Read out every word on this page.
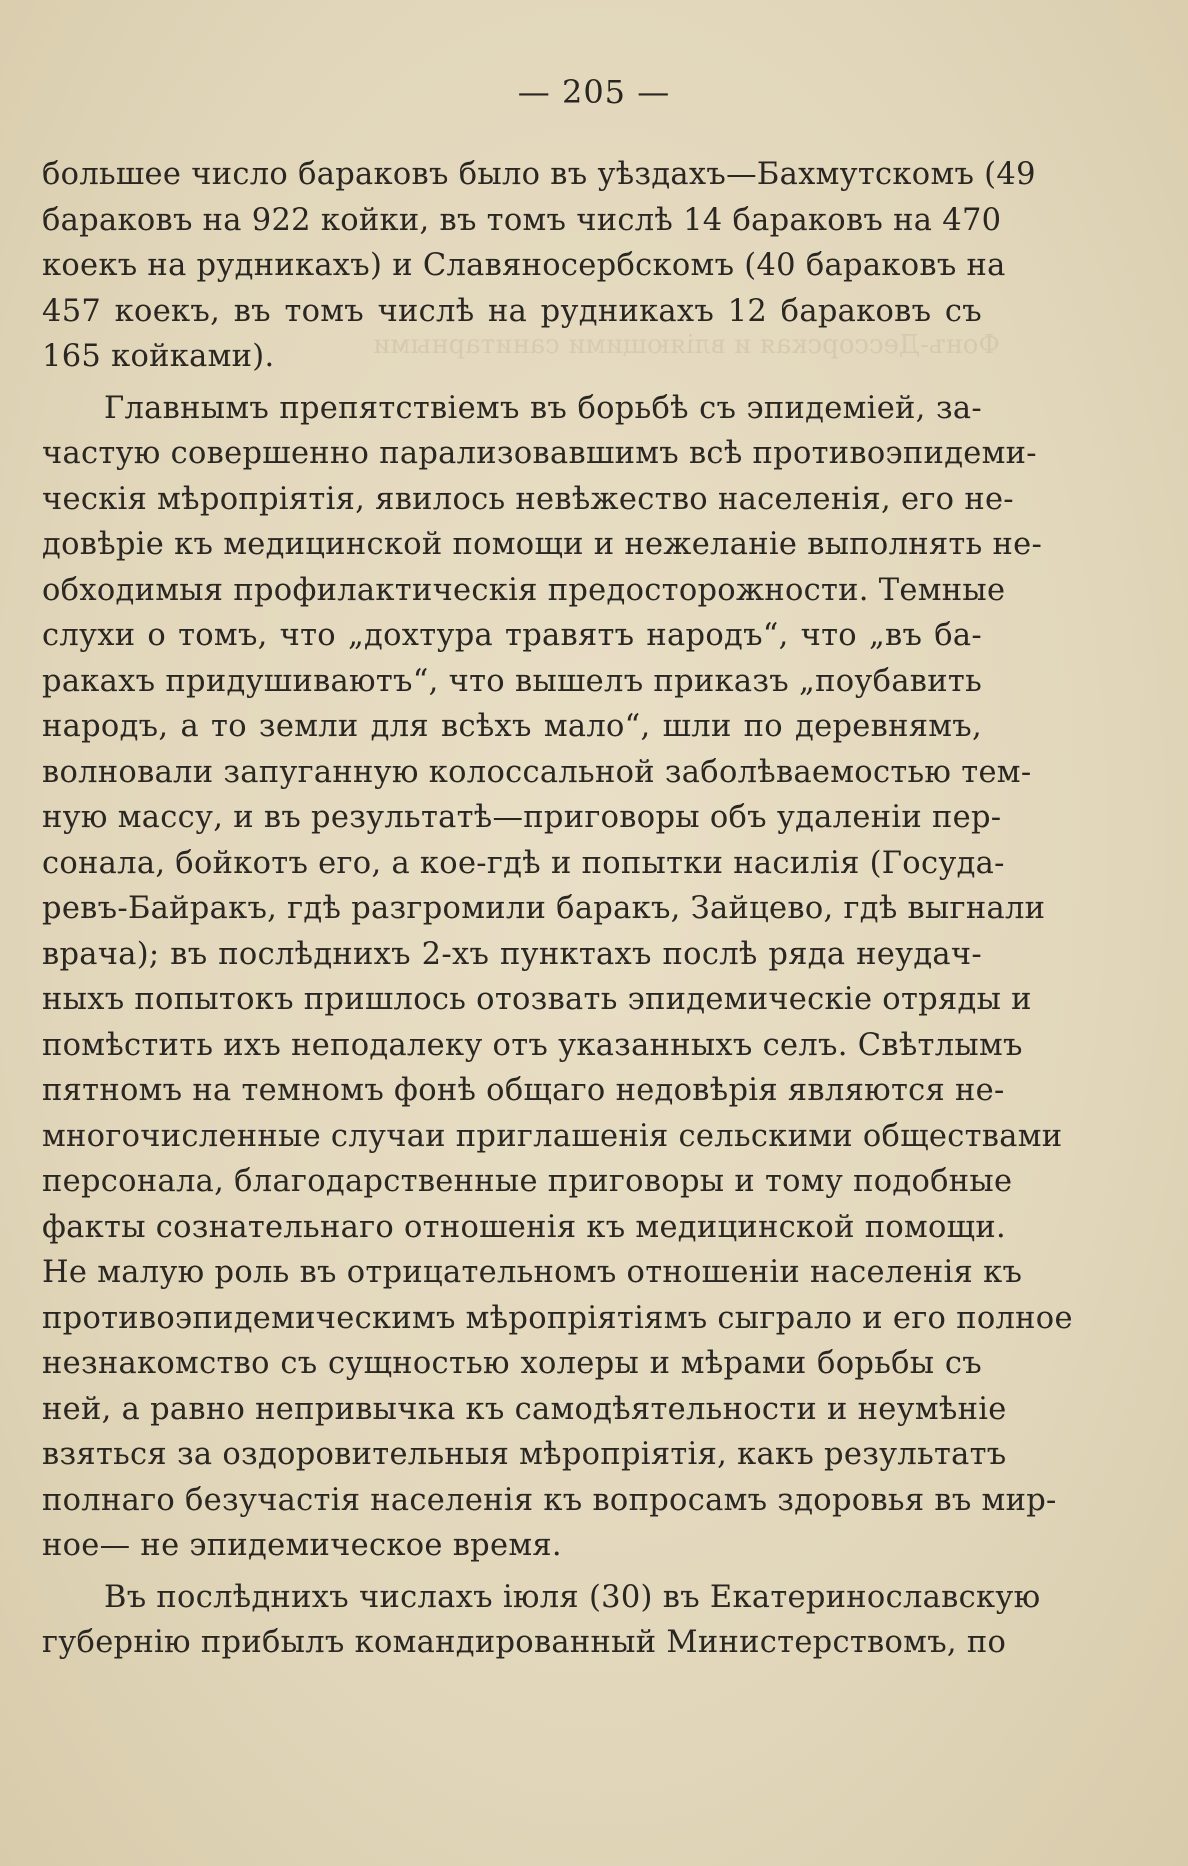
Фонъ-Дессорская и вліяющими санитарными
— 205 —
большее число бараковъ было въ уѣздахъ—Бахмутскомъ (49
бараковъ на 922 койки, въ томъ числѣ 14 бараковъ на 470
коекъ на рудникахъ) и Славяносербскомъ (40 бараковъ на
457 коекъ, въ томъ числѣ на рудникахъ 12 бараковъ съ
165 койками).
Главнымъ препятствіемъ въ борьбѣ съ эпидеміей, за-
частую совершенно парализовавшимъ всѣ противоэпидеми-
ческія мѣропріятія, явилось невѣжество населенія, его не-
довѣріе къ медицинской помощи и нежеланіе выполнять не-
обходимыя профилактическія предосторожности. Темные
слухи о томъ, что „дохтура травятъ народъ“, что „въ ба-
ракахъ придушиваютъ“, что вышелъ приказъ „поубавить
народъ, а то земли для всѣхъ мало“, шли по деревнямъ,
волновали запуганную колоссальной заболѣваемостью тем-
ную массу, и въ результатѣ—приговоры объ удаленіи пер-
сонала, бойкотъ его, а кое-гдѣ и попытки насилія (Госуда-
ревъ-Байракъ, гдѣ разгромили баракъ, Зайцево, гдѣ выгнали
врача); въ послѣднихъ 2-хъ пунктахъ послѣ ряда неудач-
ныхъ попытокъ пришлось отозвать эпидемическіе отряды и
помѣстить ихъ неподалеку отъ указанныхъ селъ. Свѣтлымъ
пятномъ на темномъ фонѣ общаго недовѣрія являются не-
многочисленные случаи приглашенія сельскими обществами
персонала, благодарственные приговоры и тому подобные
факты сознательнаго отношенія къ медицинской помощи.
Не малую роль въ отрицательномъ отношеніи населенія къ
противоэпидемическимъ мѣропріятіямъ сыграло и его полное
незнакомство съ сущностью холеры и мѣрами борьбы съ
ней, а равно непривычка къ самодѣятельности и неумѣніе
взяться за оздоровительныя мѣропріятія, какъ результатъ
полнаго безучастія населенія къ вопросамъ здоровья въ мир-
ное— не эпидемическое время.
Въ послѣднихъ числахъ іюля (30) въ Екатеринославскую
губернію прибылъ командированный Министерствомъ, по
